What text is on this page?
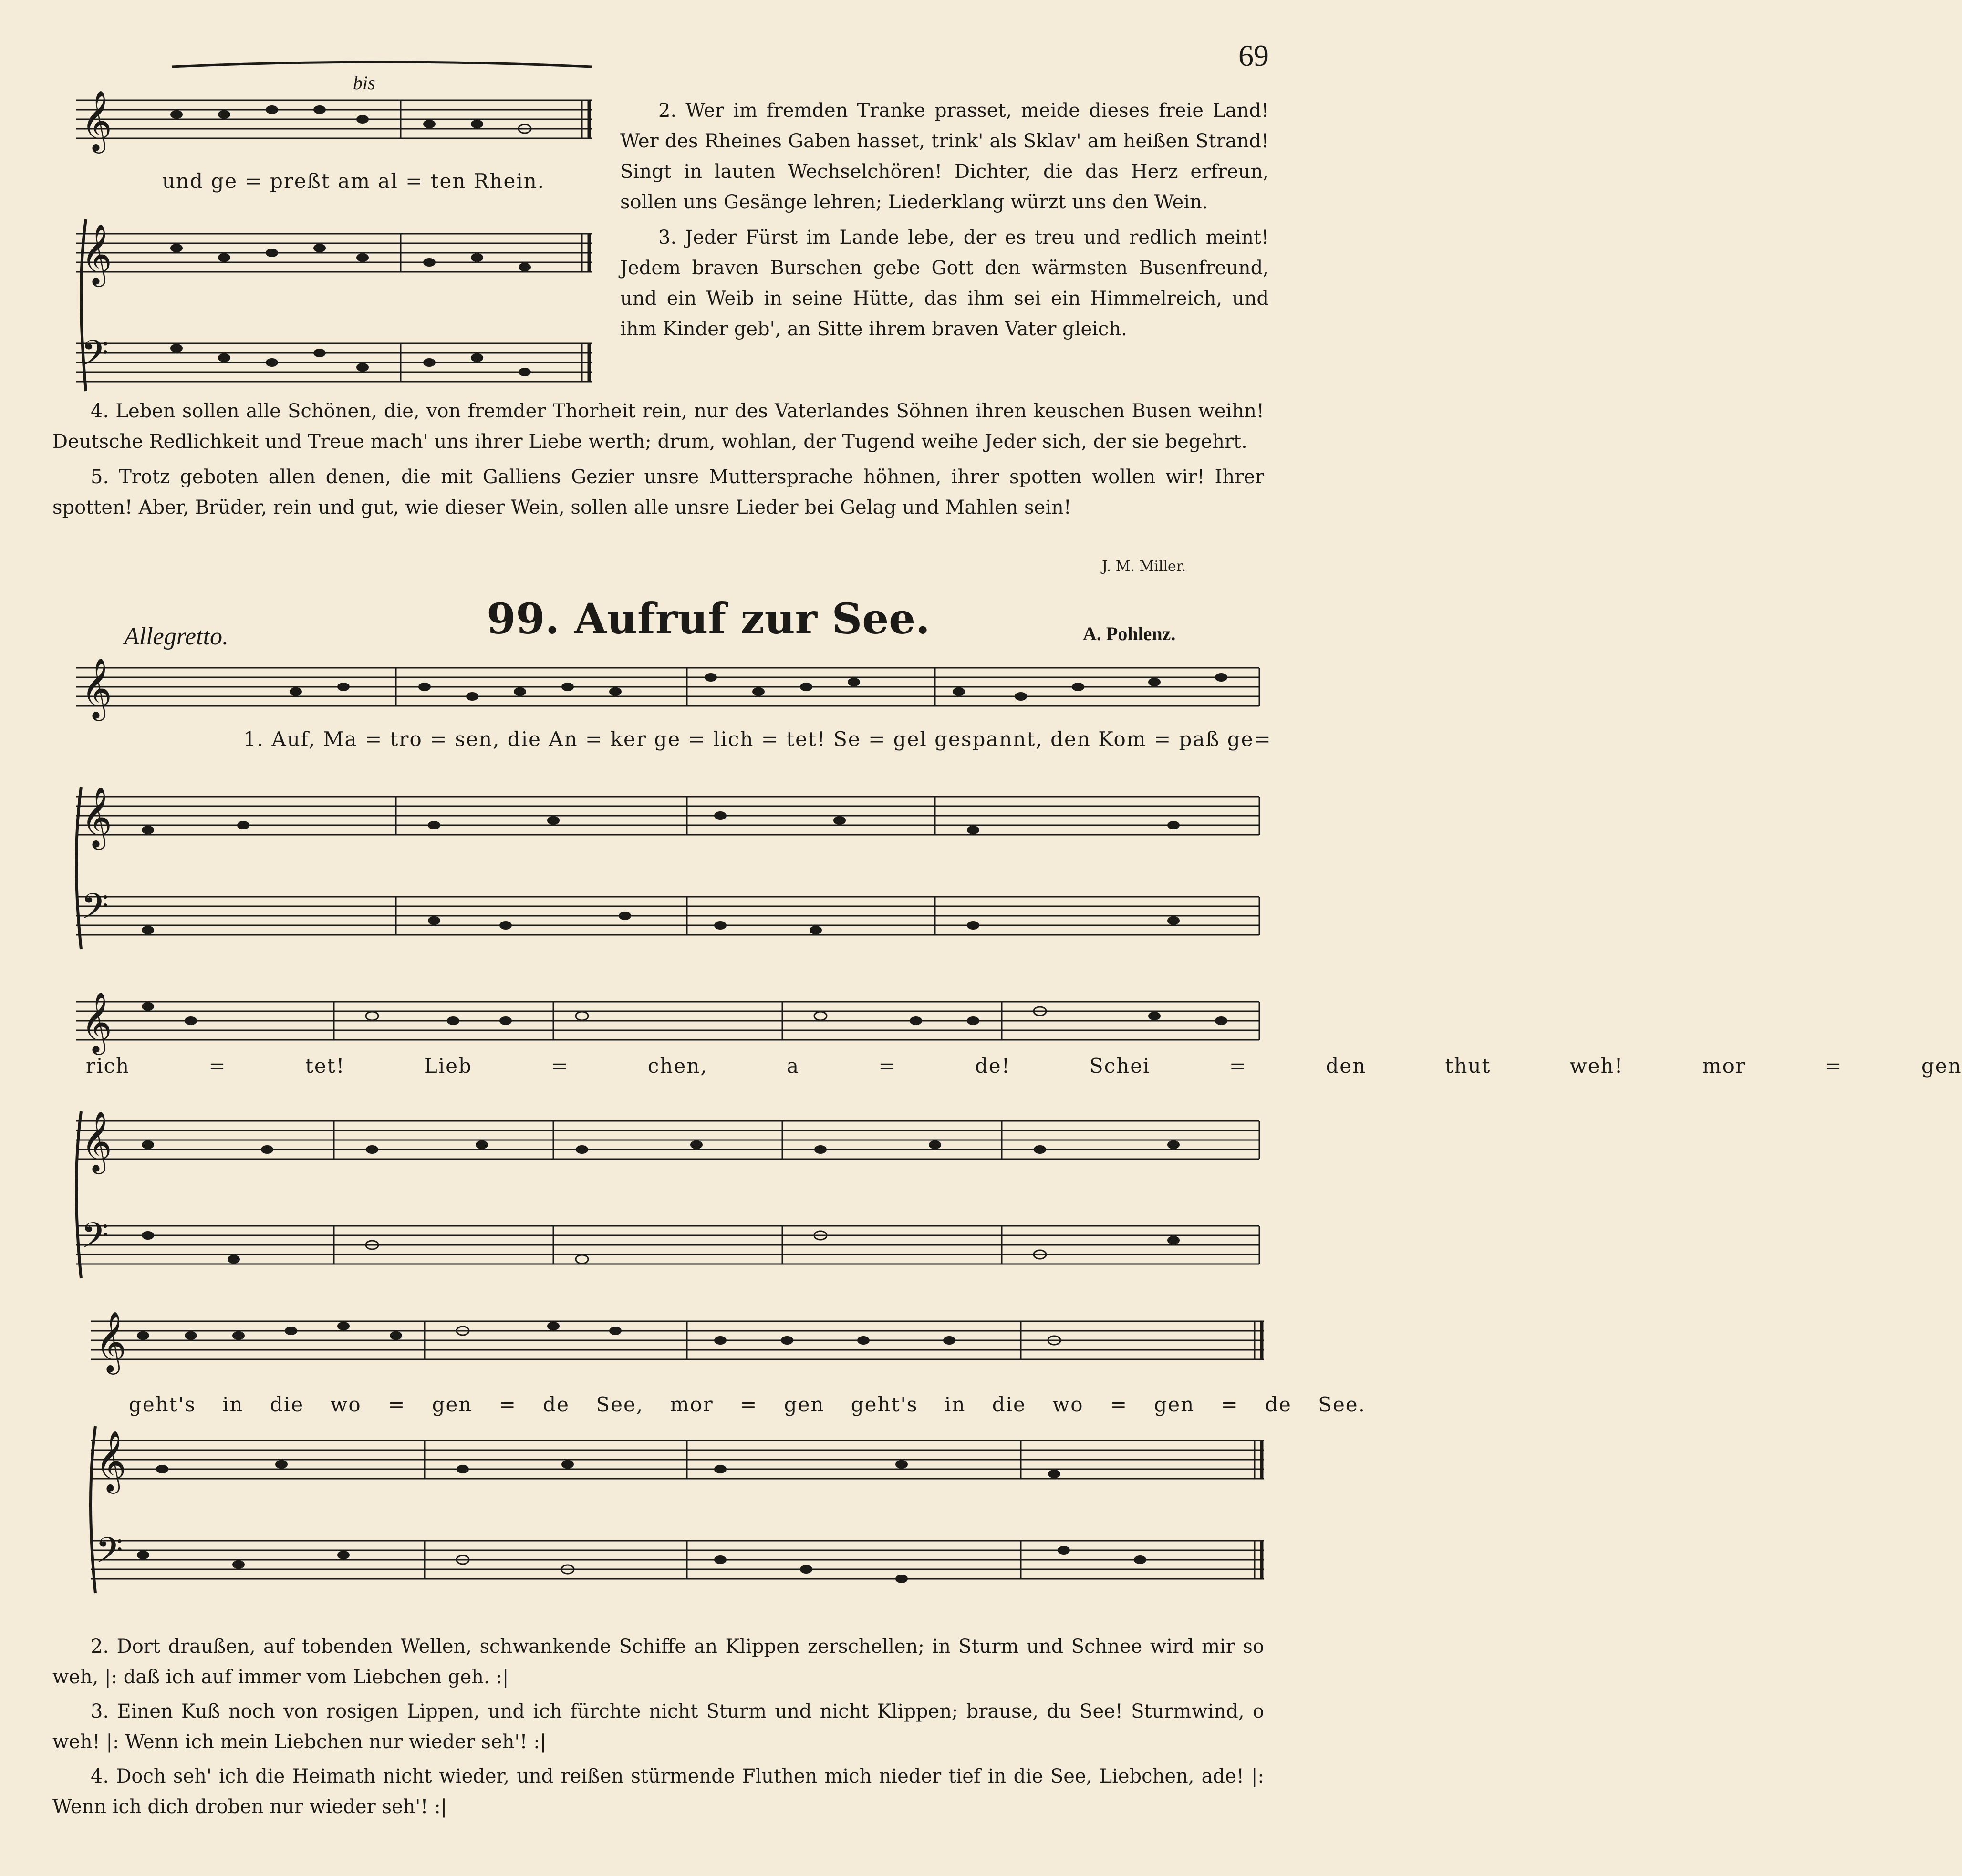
69
bis
𝄞
𝄞
𝄢
und ge = preßt am al = ten Rhein.

2. Wer im fremden Tranke prasset, meide dieses freie Land! Wer des Rheines Gaben hasset, trink' als Sklav' am heißen Strand! Singt in lauten Wechselchören! Dichter, die das Herz erfreun, sollen uns Gesänge lehren; Liederklang würzt uns den Wein.

3. Jeder Fürst im Lande lebe, der es treu und redlich meint! Jedem braven Burschen gebe Gott den wärmsten Busenfreund, und ein Weib in seine Hütte, das ihm sei ein Himmelreich, und ihm Kinder geb', an Sitte ihrem braven Vater gleich.

4. Leben sollen alle Schönen, die, von fremder Thorheit rein, nur des Vaterlandes Söhnen ihren keuschen Busen weihn! Deutsche Redlichkeit und Treue mach' uns ihrer Liebe werth; drum, wohlan, der Tugend weihe Jeder sich, der sie begehrt.

5. Trotz geboten allen denen, die mit Galliens Gezier unsre Muttersprache höhnen, ihrer spotten wollen wir! Ihrer spotten! Aber, Brüder, rein und gut, wie dieser Wein, sollen alle unsre Lieder bei Gelag und Mahlen sein!

J. M. Miller.
Allegretto.	99. Aufruf zur See.	A. Pohlenz.
𝄞
𝄞
𝄢
𝄞
𝄞
𝄢
𝄞
𝄞
𝄢
1. Auf, Ma = tro = sen, die An = ker ge = lich = tet! Se = gel gespannt, den Kom = paß ge=
rich = tet! Lieb = chen, a = de! Schei = den thut weh! mor = gen
geht's in die wo = gen = de See, mor = gen geht's in die wo = gen = de See.

2. Dort draußen, auf tobenden Wellen, schwankende Schiffe an Klippen zerschellen; in Sturm und Schnee wird mir so weh, |: daß ich auf immer vom Liebchen geh. :|

3. Einen Kuß noch von rosigen Lippen, und ich fürchte nicht Sturm und nicht Klippen; brause, du See! Sturmwind, o weh! |: Wenn ich mein Liebchen nur wieder seh'! :|

4. Doch seh' ich die Heimath nicht wieder, und reißen stürmende Fluthen mich nieder tief in die See, Liebchen, ade! |: Wenn ich dich droben nur wieder seh'! :|
